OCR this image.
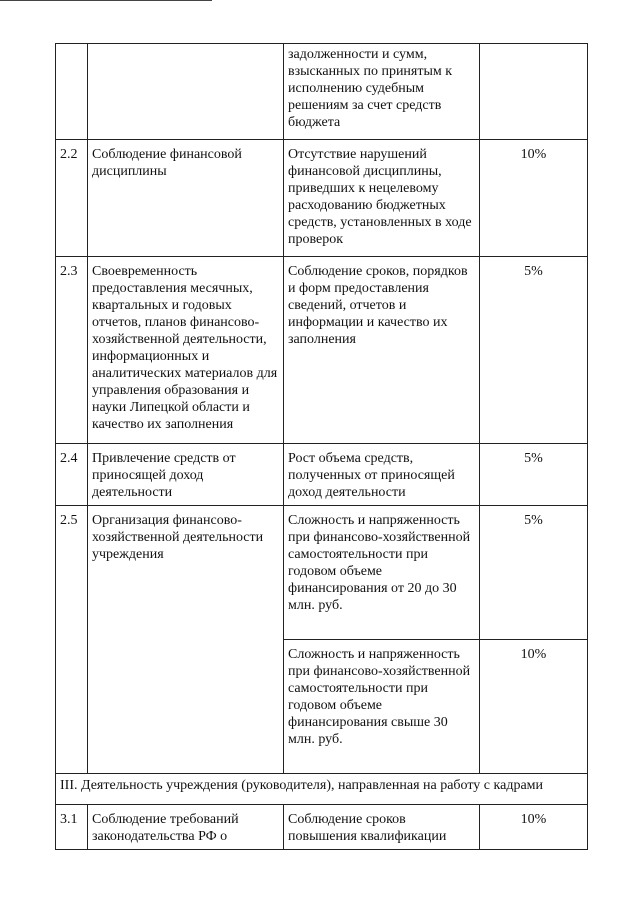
		задолженности и сумм, взысканных по принятым к исполнению судебным решениям за счет средств бюджета	
2.2	Соблюдение финансовой дисциплины	Отсутствие нарушений финансовой дисциплины, приведших к нецелевому расходованию бюджетных средств, установленных в ходе проверок	10%
2.3	Своевременность предоставления месячных, квартальных и годовых отчетов, планов финансово-хозяйственной деятельности, информационных и аналитических материалов для управления образования и науки Липецкой области и качество их заполнения	Соблюдение сроков, порядков и форм предоставления сведений, отчетов и информации и качество их заполнения	5%
2.4	Привлечение средств от приносящей доход деятельности	Рост объема средств, полученных от приносящей доход деятельности	5%
2.5	Организация финансово-хозяйственной деятельности учреждения	Сложность и напряженность при финансово-хозяйственной самостоятельности при годовом объеме финансирования от 20 до 30 млн. руб.	5%
		Сложность и напряженность при финансово-хозяйственной самостоятельности при годовом объеме финансирования свыше 30 млн. руб.	10%
III. Деятельность учреждения (руководителя), направленная на работу с кадрами			
3.1	Соблюдение требований законодательства РФ о	Соблюдение сроков повышения квалификации	10%
